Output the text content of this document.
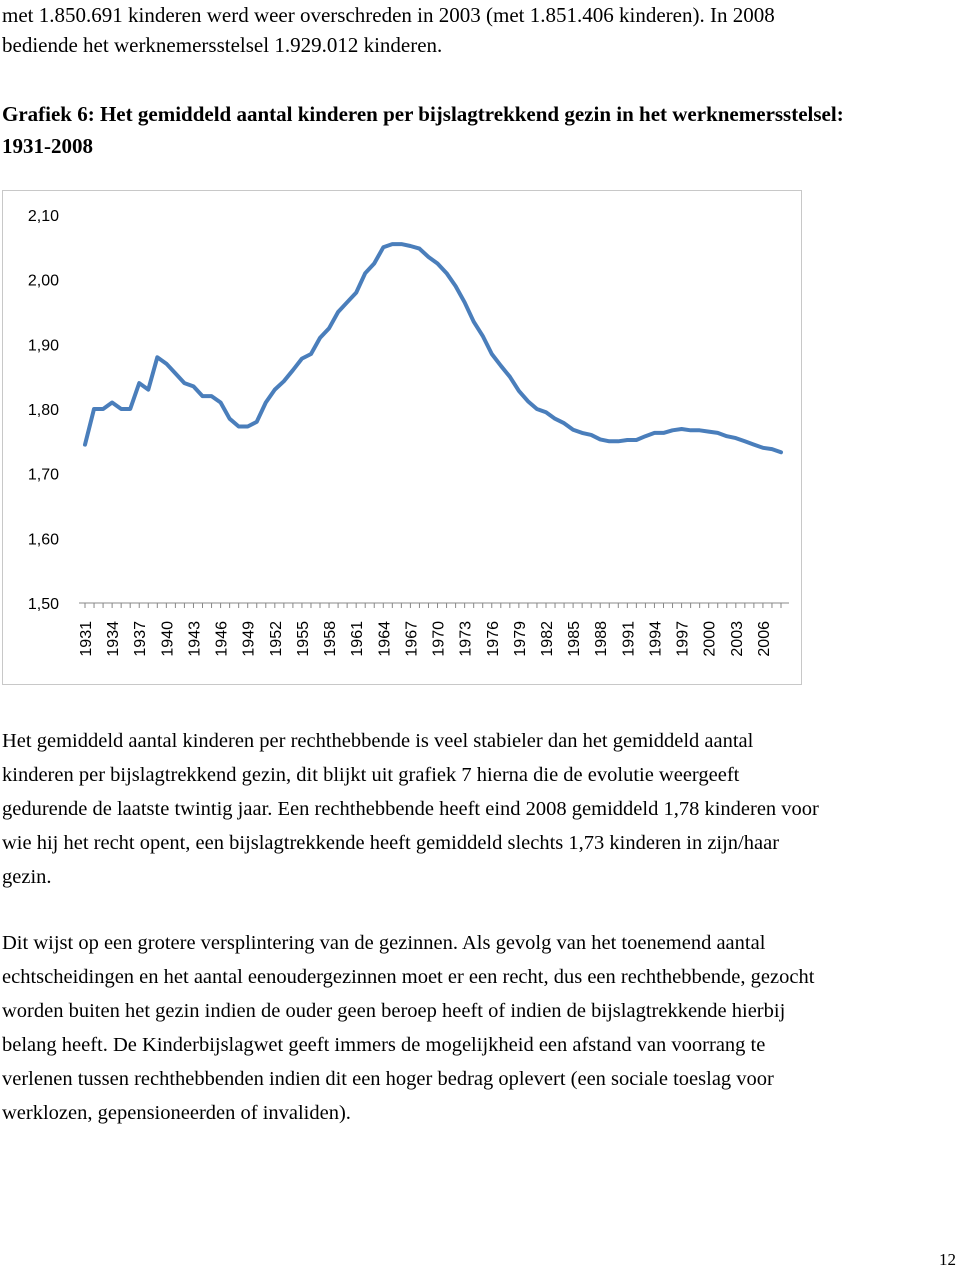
met 1.850.691 kinderen werd weer overschreden in 2003 (met 1.851.406 kinderen). In 2008
bediende het werknemersstelsel 1.929.012 kinderen.
Grafiek 6: Het gemiddeld aantal kinderen per bijslagtrekkend gezin in het werknemersstelsel:
1931-2008
2,10
2,00
1,90
1,80
1,70
1,60
1,50
1931 1934 1937 1940 1943 1946 1949 1952 1955 1958 1961 1964 1967 1970 1973 1976 1979 1982 1985 1988 1991 1994 1997 2000 2003 2006
Het gemiddeld aantal kinderen per rechthebbende is veel stabieler dan het gemiddeld aantal
kinderen per bijslagtrekkend gezin, dit blijkt uit grafiek 7 hierna die de evolutie weergeeft
gedurende de laatste twintig jaar. Een rechthebbende heeft eind 2008 gemiddeld 1,78 kinderen voor
wie hij het recht opent, een bijslagtrekkende heeft gemiddeld slechts 1,73 kinderen in zijn/haar
gezin.
Dit wijst op een grotere versplintering van de gezinnen. Als gevolg van het toenemend aantal
echtscheidingen en het aantal eenoudergezinnen moet er een recht, dus een rechthebbende, gezocht
worden buiten het gezin indien de ouder geen beroep heeft of indien de bijslagtrekkende hierbij
belang heeft. De Kinderbijslagwet geeft immers de mogelijkheid een afstand van voorrang te
verlenen tussen rechthebbenden indien dit een hoger bedrag oplevert (een sociale toeslag voor
werklozen, gepensioneerden of invaliden).
12
